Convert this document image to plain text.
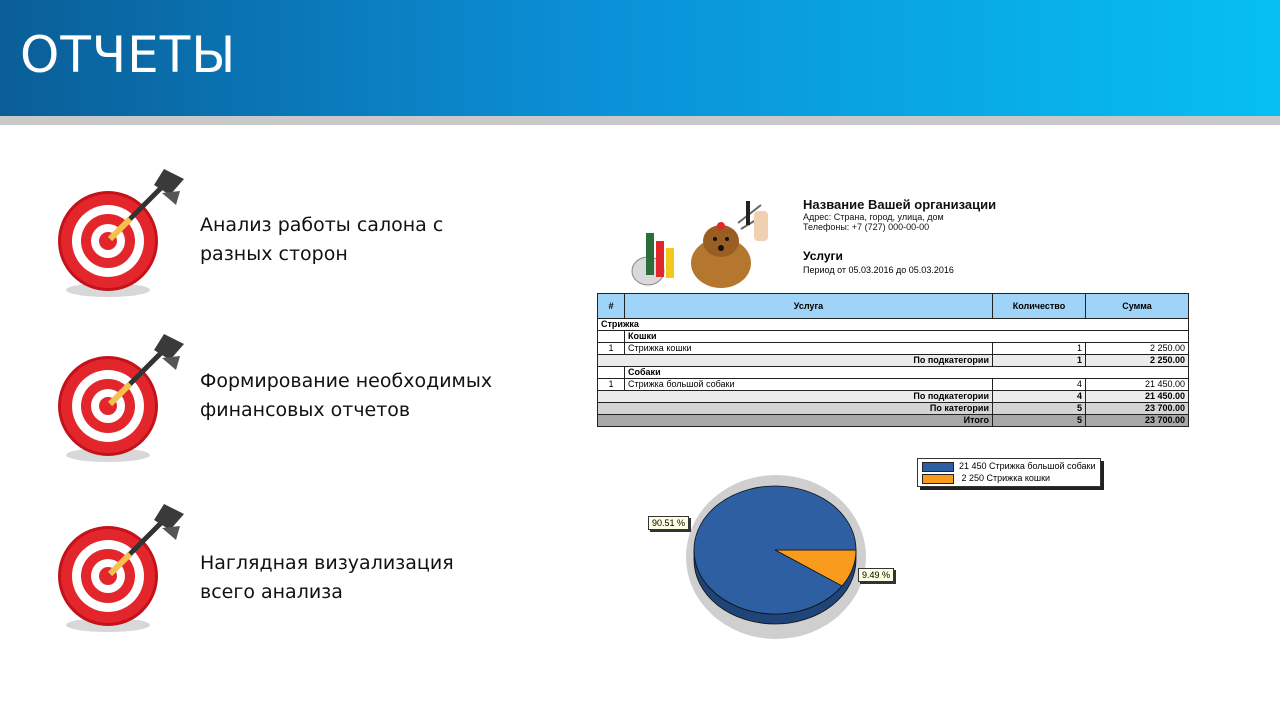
ОТЧЕТЫ
Анализ работы салона с
разных сторон
Формирование необходимых
финансовых отчетов
Наглядная визуализация
всего анализа
Название Вашей организации
Адрес: Страна, город, улица, дом
Телефоны: +7 (727) 000-00-00
Услуги
Период от 05.03.2016 до 05.03.2016
#	Услуга	Количество	Сумма
Стрижка			
	Кошки		
1	Стрижка кошки	1	2 250.00
По подкатегории		1	2 250.00
	Собаки		
1	Стрижка большой собаки	4	21 450.00
По подкатегории		4	21 450.00
По категории		5	23 700.00
Итого		5	23 700.00
21 450 Стрижка большой собаки
2 250 Стрижка кошки
90.51 %
9.49 %
